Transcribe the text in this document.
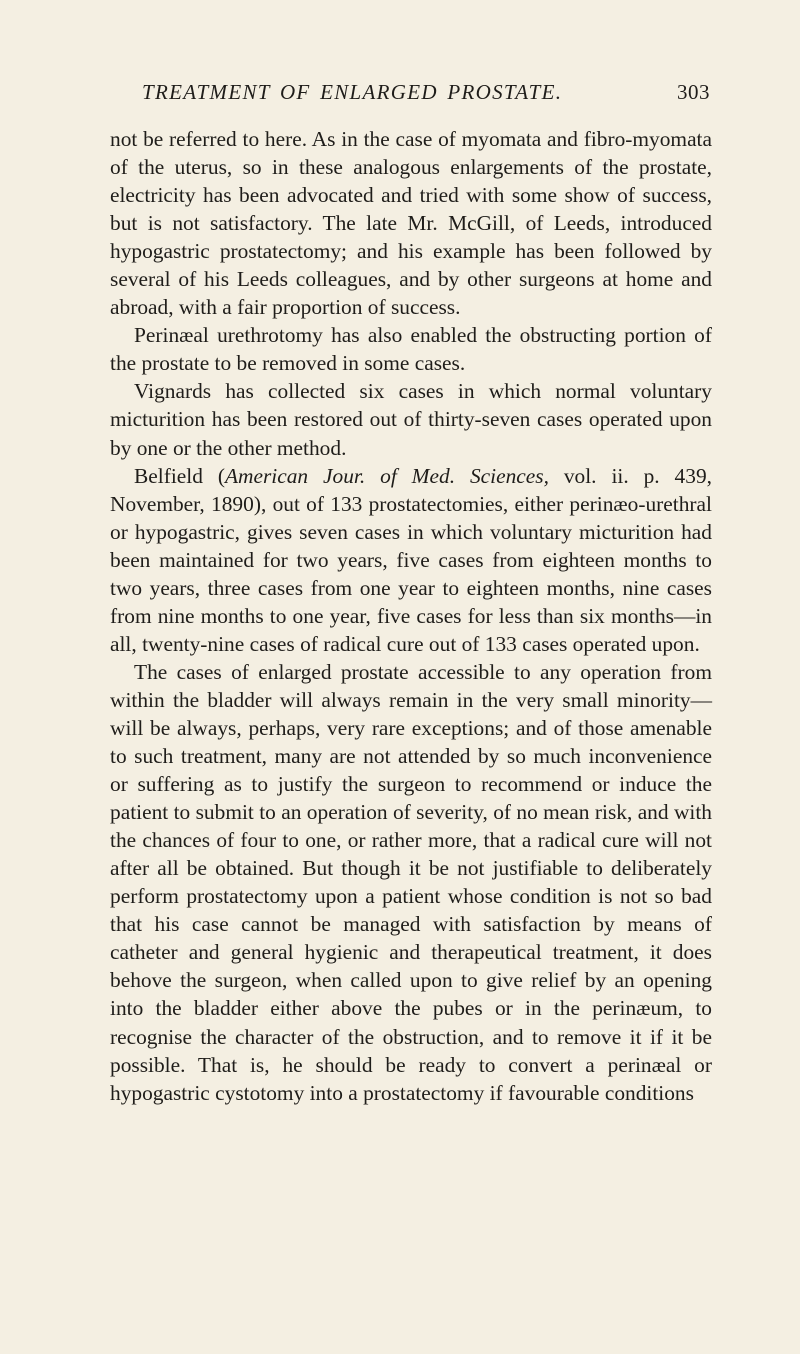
TREATMENT OF ENLARGED PROSTATE.	303

not be referred to here. As in the case of myomata and fibro-myomata of the uterus, so in these analogous enlargements of the prostate, electricity has been advocated and tried with some show of success, but is not satisfactory. The late Mr. McGill, of Leeds, introduced hypogastric prostatectomy; and his example has been followed by several of his Leeds colleagues, and by other surgeons at home and abroad, with a fair proportion of success.

Perinæal urethrotomy has also enabled the obstructing portion of the prostate to be removed in some cases.

Vignards has collected six cases in which normal voluntary micturition has been restored out of thirty-seven cases operated upon by one or the other method.

Belfield (American Jour. of Med. Sciences, vol. ii. p. 439, November, 1890), out of 133 prostatectomies, either perinæo-urethral or hypogastric, gives seven cases in which voluntary micturition had been maintained for two years, five cases from eighteen months to two years, three cases from one year to eighteen months, nine cases from nine months to one year, five cases for less than six months—in all, twenty-nine cases of radical cure out of 133 cases operated upon.

The cases of enlarged prostate accessible to any operation from within the bladder will always remain in the very small minority—will be always, perhaps, very rare exceptions; and of those amenable to such treatment, many are not attended by so much inconvenience or suffering as to justify the surgeon to recommend or induce the patient to submit to an operation of severity, of no mean risk, and with the chances of four to one, or rather more, that a radical cure will not after all be obtained. But though it be not justifiable to deliberately perform prostatectomy upon a patient whose condition is not so bad that his case cannot be managed with satisfaction by means of catheter and general hygienic and therapeutical treatment, it does behove the surgeon, when called upon to give relief by an opening into the bladder either above the pubes or in the perinæum, to recognise the character of the obstruction, and to remove it if it be possible. That is, he should be ready to convert a perinæal or hypogastric cystotomy into a prostatectomy if favourable conditions
